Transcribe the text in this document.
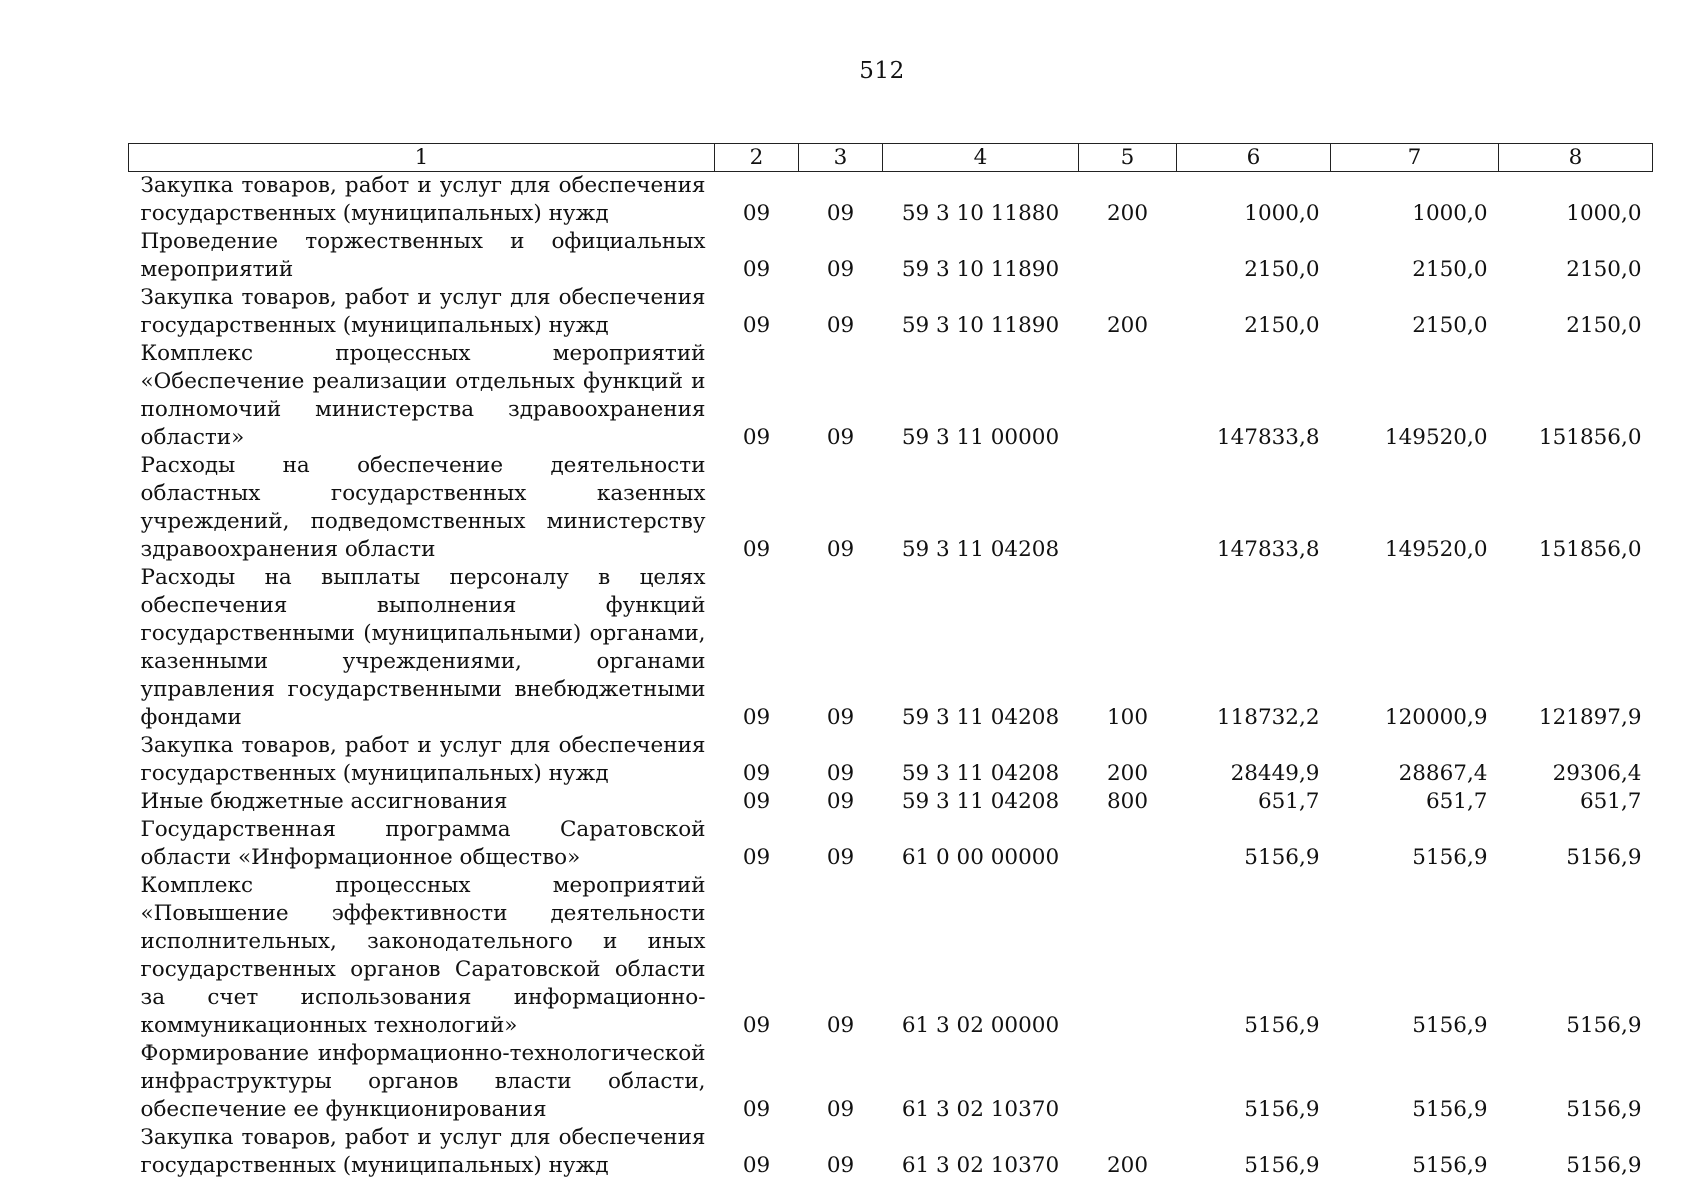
512
1	2	3	4	5	6	7	8
Закупка товаров, работ и услуг для обеспечения государственных (муниципальных) нужд	09	09	59 3 10 11880	200	1000,0	1000,0	1000,0
Проведение торжественных и официальных мероприятий	09	09	59 3 10 11890		2150,0	2150,0	2150,0
Закупка товаров, работ и услуг для обеспечения государственных (муниципальных) нужд	09	09	59 3 10 11890	200	2150,0	2150,0	2150,0
Комплекс процессных мероприятий «Обеспечение реализации отдельных функций и полномочий министерства здравоохранения области»	09	09	59 3 11 00000		147833,8	149520,0	151856,0
Расходы на обеспечение деятельности областных государственных казенных учреждений, подведомственных министерству здравоохранения области	09	09	59 3 11 04208		147833,8	149520,0	151856,0
Расходы на выплаты персоналу в целях обеспечения выполнения функций государственными (муниципальными) органами, казенными учреждениями, органами управления государственными внебюджетными фондами	09	09	59 3 11 04208	100	118732,2	120000,9	121897,9
Закупка товаров, работ и услуг для обеспечения государственных (муниципальных) нужд	09	09	59 3 11 04208	200	28449,9	28867,4	29306,4
Иные бюджетные ассигнования	09	09	59 3 11 04208	800	651,7	651,7	651,7
Государственная программа Саратовской области «Информационное общество»	09	09	61 0 00 00000		5156,9	5156,9	5156,9
Комплекс процессных мероприятий «Повышение эффективности деятельности исполнительных, законодательного и иных государственных органов Саратовской области за счет использования информационно-коммуникационных технологий»	09	09	61 3 02 00000		5156,9	5156,9	5156,9
Формирование информационно-технологической инфраструктуры органов власти области, обеспечение ее функционирования	09	09	61 3 02 10370		5156,9	5156,9	5156,9
Закупка товаров, работ и услуг для обеспечения государственных (муниципальных) нужд	09	09	61 3 02 10370	200	5156,9	5156,9	5156,9
